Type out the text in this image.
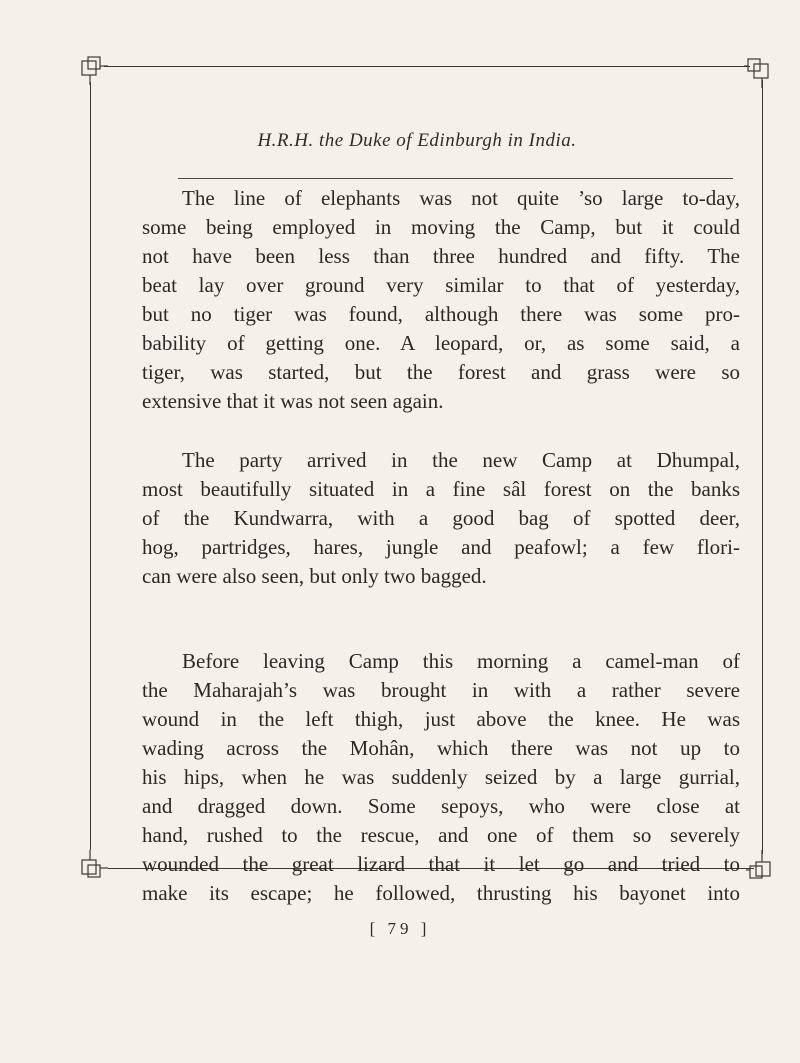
H.R.H. the Duke of Edinburgh in India.
The line of elephants was not quite ’so large to-day,
some being employed in moving the Camp, but it could
not have been less than three hundred and fifty. The
beat lay over ground very similar to that of yesterday,
but no tiger was found, although there was some pro-
bability of getting one. A leopard, or, as some said, a
tiger, was started, but the forest and grass were so
extensive that it was not seen again.
The party arrived in the new Camp at Dhumpal,
most beautifully situated in a fine sâl forest on the banks
of the Kundwarra, with a good bag of spotted deer,
hog, partridges, hares, jungle and peafowl; a few flori-
can were also seen, but only two bagged.
Before leaving Camp this morning a camel-man of
the Maharajah’s was brought in with a rather severe
wound in the left thigh, just above the knee. He was
wading across the Mohân, which there was not up to
his hips, when he was suddenly seized by a large gurrial,
and dragged down. Some sepoys, who were close at
hand, rushed to the rescue, and one of them so severely
wounded the great lizard that it let go and tried to
make its escape; he followed, thrusting his bayonet into
[ 79 ]
